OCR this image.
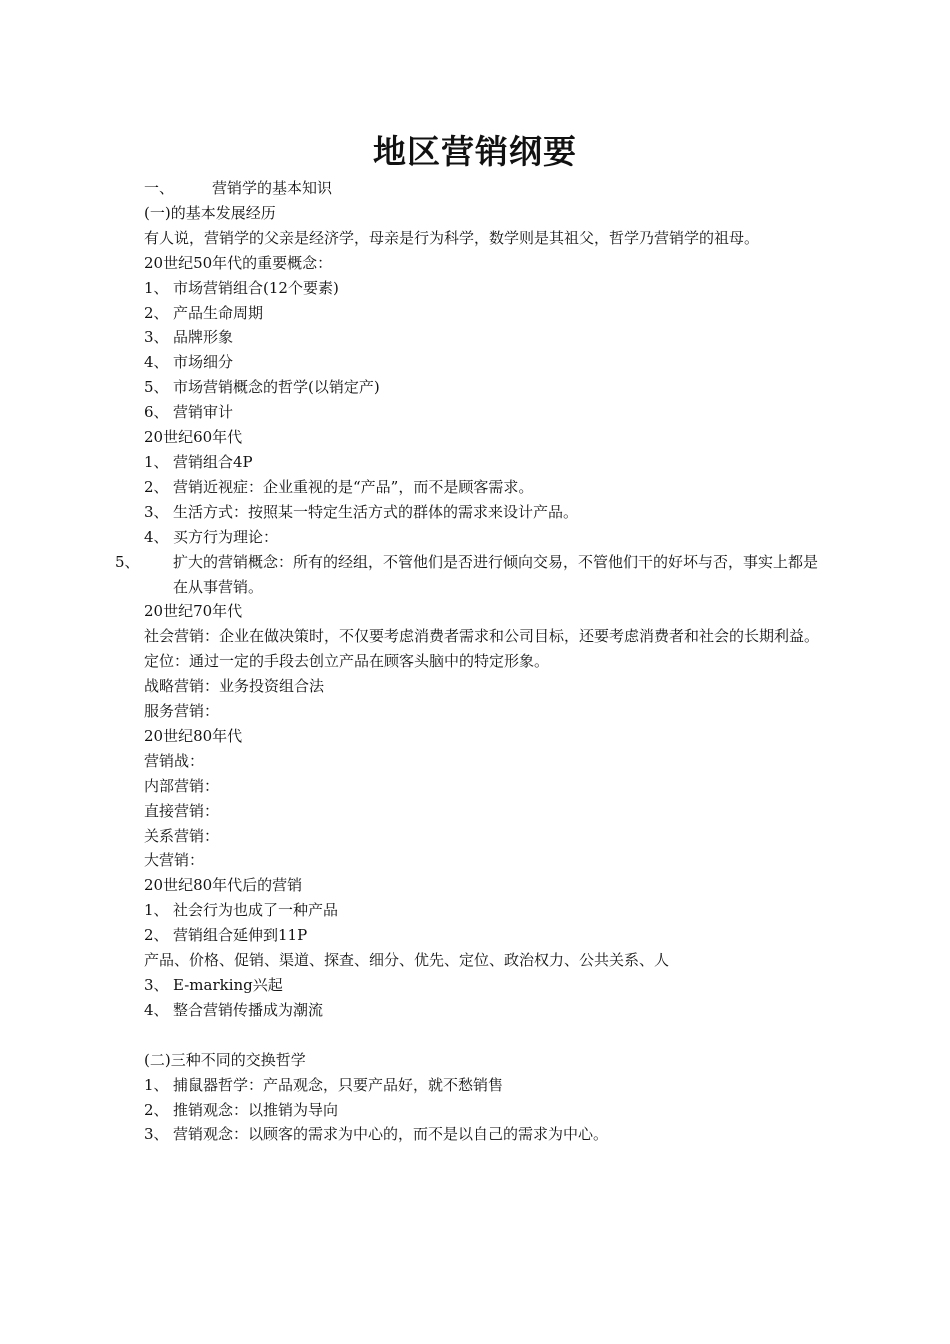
地区营销纲要
一、	营销学的基本知识
(一)的基本发展经历
有人说，营销学的父亲是经济学，母亲是行为科学，数学则是其祖父，哲学乃营销学的祖母。
20世纪50年代的重要概念：
1、 市场营销组合(12个要素)
2、 产品生命周期
3、 品牌形象
4、 市场细分
5、 市场营销概念的哲学(以销定产)
6、 营销审计
20世纪60年代
1、 营销组合4P
2、 营销近视症：企业重视的是“产品”，而不是顾客需求。
3、 生活方式：按照某一特定生活方式的群体的需求来设计产品。
4、 买方行为理论：
5、 扩大的营销概念：所有的经组，不管他们是否进行倾向交易，不管他们干的好坏与否，事实上都是在从事营销。
20世纪70年代
社会营销：企业在做决策时，不仅要考虑消费者需求和公司目标，还要考虑消费者和社会的长期利益。
定位：通过一定的手段去创立产品在顾客头脑中的特定形象。
战略营销：业务投资组合法
服务营销：
20世纪80年代
营销战：
内部营销：
直接营销：
关系营销：
大营销：
20世纪80年代后的营销
1、 社会行为也成了一种产品
2、 营销组合延伸到11P
产品、价格、促销、渠道、探查、细分、优先、定位、政治权力、公共关系、人
3、 E-marking兴起
4、 整合营销传播成为潮流
(二)三种不同的交换哲学
1、 捕鼠器哲学：产品观念，只要产品好，就不愁销售
2、 推销观念：以推销为导向
3、 营销观念：以顾客的需求为中心的，而不是以自己的需求为中心。
